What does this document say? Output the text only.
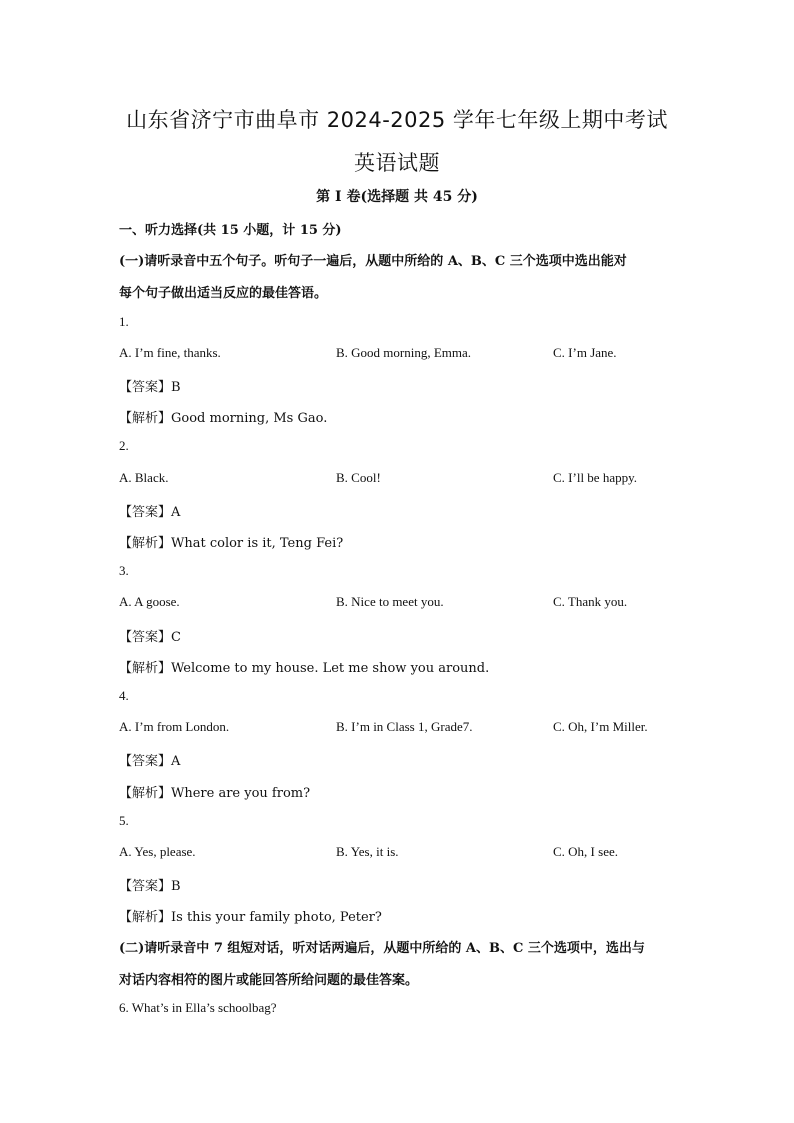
山东省济宁市曲阜市 2024-2025 学年七年级上期中考试
英语试题
第 I 卷(选择题 共 45 分)
一、听力选择(共 15 小题，计 15 分)
(一)请听录音中五个句子。听句子一遍后，从题中所给的 A、B、C 三个选项中选出能对
每个句子做出适当反应的最佳答语。
1.
A. I’m fine, thanks.	B. Good morning, Emma.	C. I’m Jane.
【答案】B
【解析】Good morning, Ms Gao.
2.
A. Black.	B. Cool!	C. I’ll be happy.
【答案】A
【解析】What color is it, Teng Fei?
3.
A. A goose.	B. Nice to meet you.	C. Thank you.
【答案】C
【解析】Welcome to my house. Let me show you around.
4.
A. I’m from London.	B. I’m in Class 1, Grade7.	C. Oh, I’m Miller.
【答案】A
【解析】Where are you from?
5.
A. Yes, please.	B. Yes, it is.	C. Oh, I see.
【答案】B
【解析】Is this your family photo, Peter?
(二)请听录音中 7 组短对话，听对话两遍后，从题中所给的 A、B、C 三个选项中，选出与
对话内容相符的图片或能回答所给问题的最佳答案。
6. What’s in Ella’s schoolbag?
